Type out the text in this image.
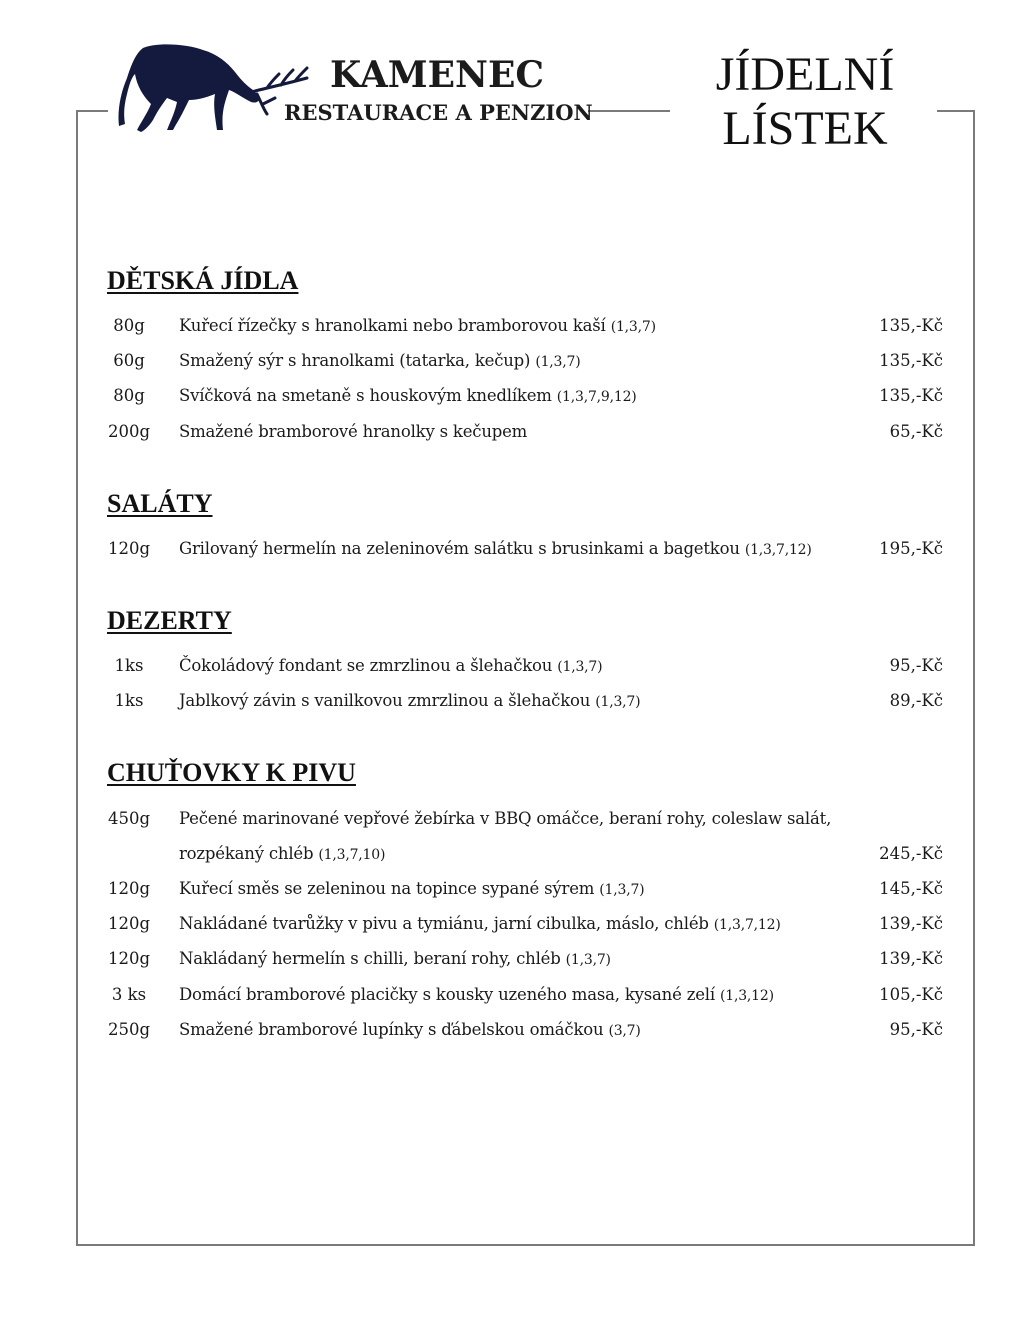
KAMENEC
RESTAURACE A PENZION
JÍDELNÍ
LÍSTEK
DĚTSKÁ JÍDLA
80g	Kuřecí řízečky s hranolkami nebo bramborovou kaší (1,3,7)	135,-Kč
60g	Smažený sýr s hranolkami (tatarka, kečup) (1,3,7)	135,-Kč
80g	Svíčková na smetaně s houskovým knedlíkem (1,3,7,9,12)	135,-Kč
200g	Smažené bramborové hranolky s kečupem	65,-Kč
SALÁTY
120g	Grilovaný hermelín na zeleninovém salátku s brusinkami a bagetkou (1,3,7,12)	195,-Kč
DEZERTY
1ks	Čokoládový fondant se zmrzlinou a šlehačkou (1,3,7)	95,-Kč
1ks	Jablkový závin s vanilkovou zmrzlinou a šlehačkou (1,3,7)	89,-Kč
CHUŤOVKY K PIVU
450g	Pečené marinované vepřové žebírka v BBQ omáčce, beraní rohy, coleslaw salát,
rozpékaný chléb (1,3,7,10)	245,-Kč
120g	Kuřecí směs se zeleninou na topince sypané sýrem (1,3,7)	145,-Kč
120g	Nakládané tvarůžky v pivu a tymiánu, jarní cibulka, máslo, chléb (1,3,7,12)	139,-Kč
120g	Nakládaný hermelín s chilli, beraní rohy, chléb (1,3,7)	139,-Kč
3 ks	Domácí bramborové placičky s kousky uzeného masa, kysané zelí (1,3,12)	105,-Kč
250g	Smažené bramborové lupínky s ďábelskou omáčkou (3,7)	95,-Kč
